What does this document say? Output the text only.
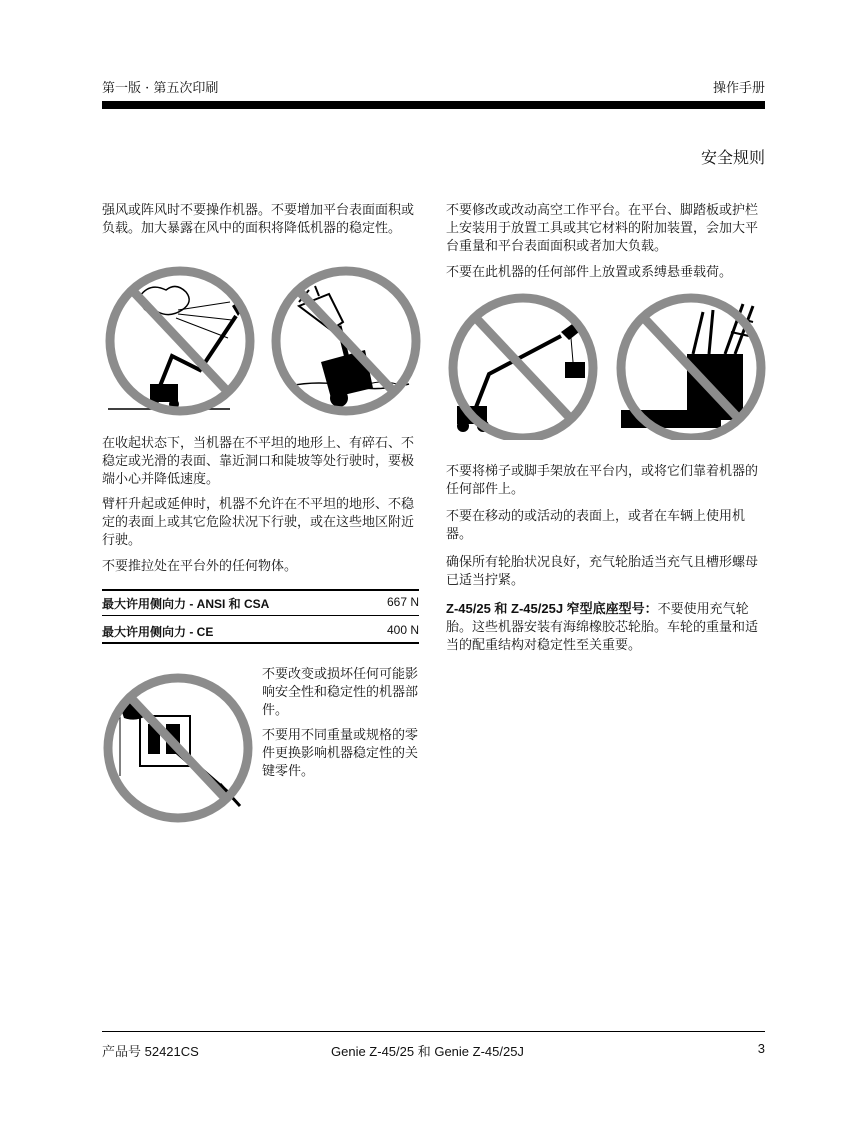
第一版 · 第五次印刷	操作手册
安全规则

强风或阵风时不要操作机器。不要增加平台表面面积或负载。加大暴露在风中的面积将降低机器的稳定性。

在收起状态下，当机器在不平坦的地形上、有碎石、不稳定或光滑的表面、靠近洞口和陡坡等处行驶时，要极端小心并降低速度。

臂杆升起或延伸时，机器不允许在不平坦的地形、不稳定的表面上或其它危险状况下行驶，或在这些地区附近行驶。

不要推拉处在平台外的任何物体。

最大许用侧向力 - ANSI 和 CSA	667 N
最大许用侧向力 - CE	400 N

不要改变或损坏任何可能影响安全性和稳定性的机器部件。

不要用不同重量或规格的零件更换影响机器稳定性的关键零件。

不要修改或改动高空工作平台。在平台、脚踏板或护栏上安装用于放置工具或其它材料的附加装置，会加大平台重量和平台表面面积或者加大负载。

不要在此机器的任何部件上放置或系缚悬垂载荷。

不要将梯子或脚手架放在平台内，或将它们靠着机器的任何部件上。

不要在移动的或活动的表面上，或者在车辆上使用机器。

确保所有轮胎状况良好，充气轮胎适当充气且槽形螺母已适当拧紧。

Z-45/25 和 Z-45/25J 窄型底座型号：不要使用充气轮胎。这些机器安装有海绵橡胶芯轮胎。车轮的重量和适当的配重结构对稳定性至关重要。

产品号 52421CS	Genie Z-45/25 和 Genie Z-45/25J	3
